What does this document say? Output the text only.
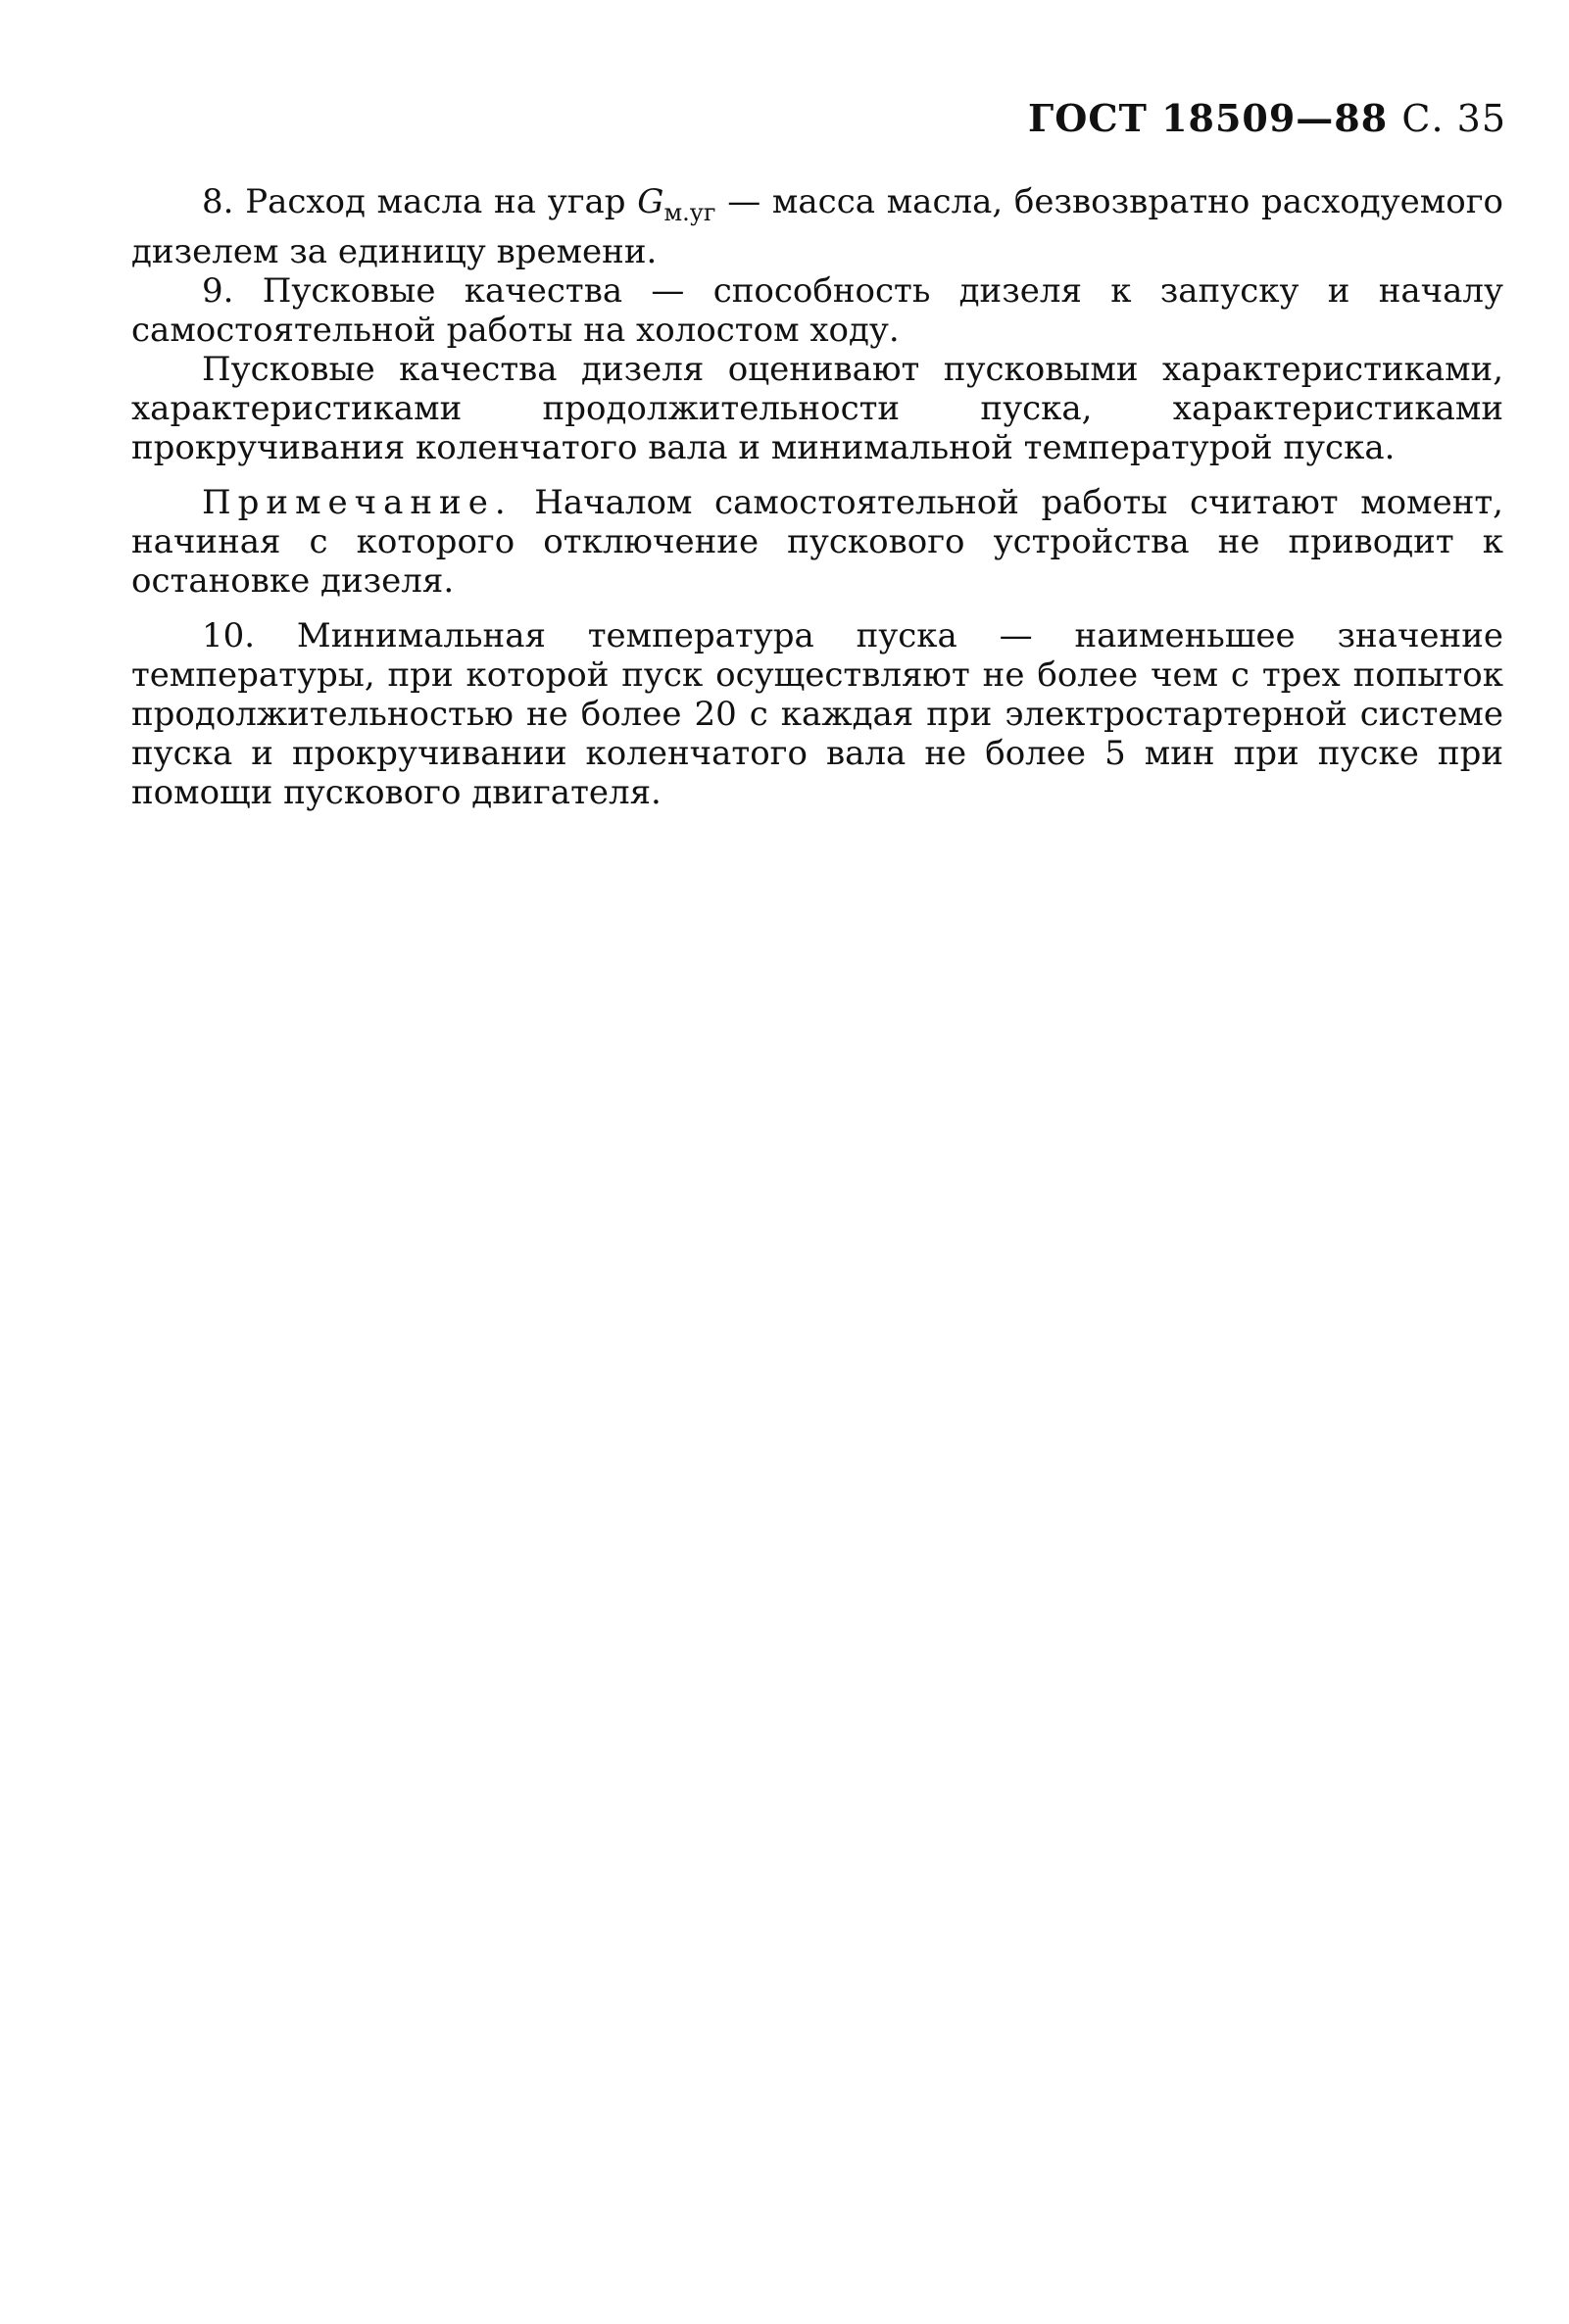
ГОСТ 18509—88 С. 35

8. Расход масла на угар $G_{м.уг}$ — масса масла, безвозвратно расходуемого дизелем за единицу времени.

9. Пусковые качества — способность дизеля к запуску и началу самостоятельной работы на холостом ходу.

Пусковые качества дизеля оценивают пусковыми характеристиками, характеристиками продолжительности пуска, характеристиками прокручивания коленчатого вала и минимальной температурой пуска.

Примечание. Началом самостоятельной работы считают момент, начиная с которого отключение пускового устройства не приводит к остановке дизеля.

10. Минимальная температура пуска — наименьшее значение температуры, при которой пуск осуществляют не более чем с трех попыток продолжительностью не более 20 с каждая при электростартерной системе пуска и прокручивании коленчатого вала не более 5 мин при пуске при помощи пускового двигателя.
